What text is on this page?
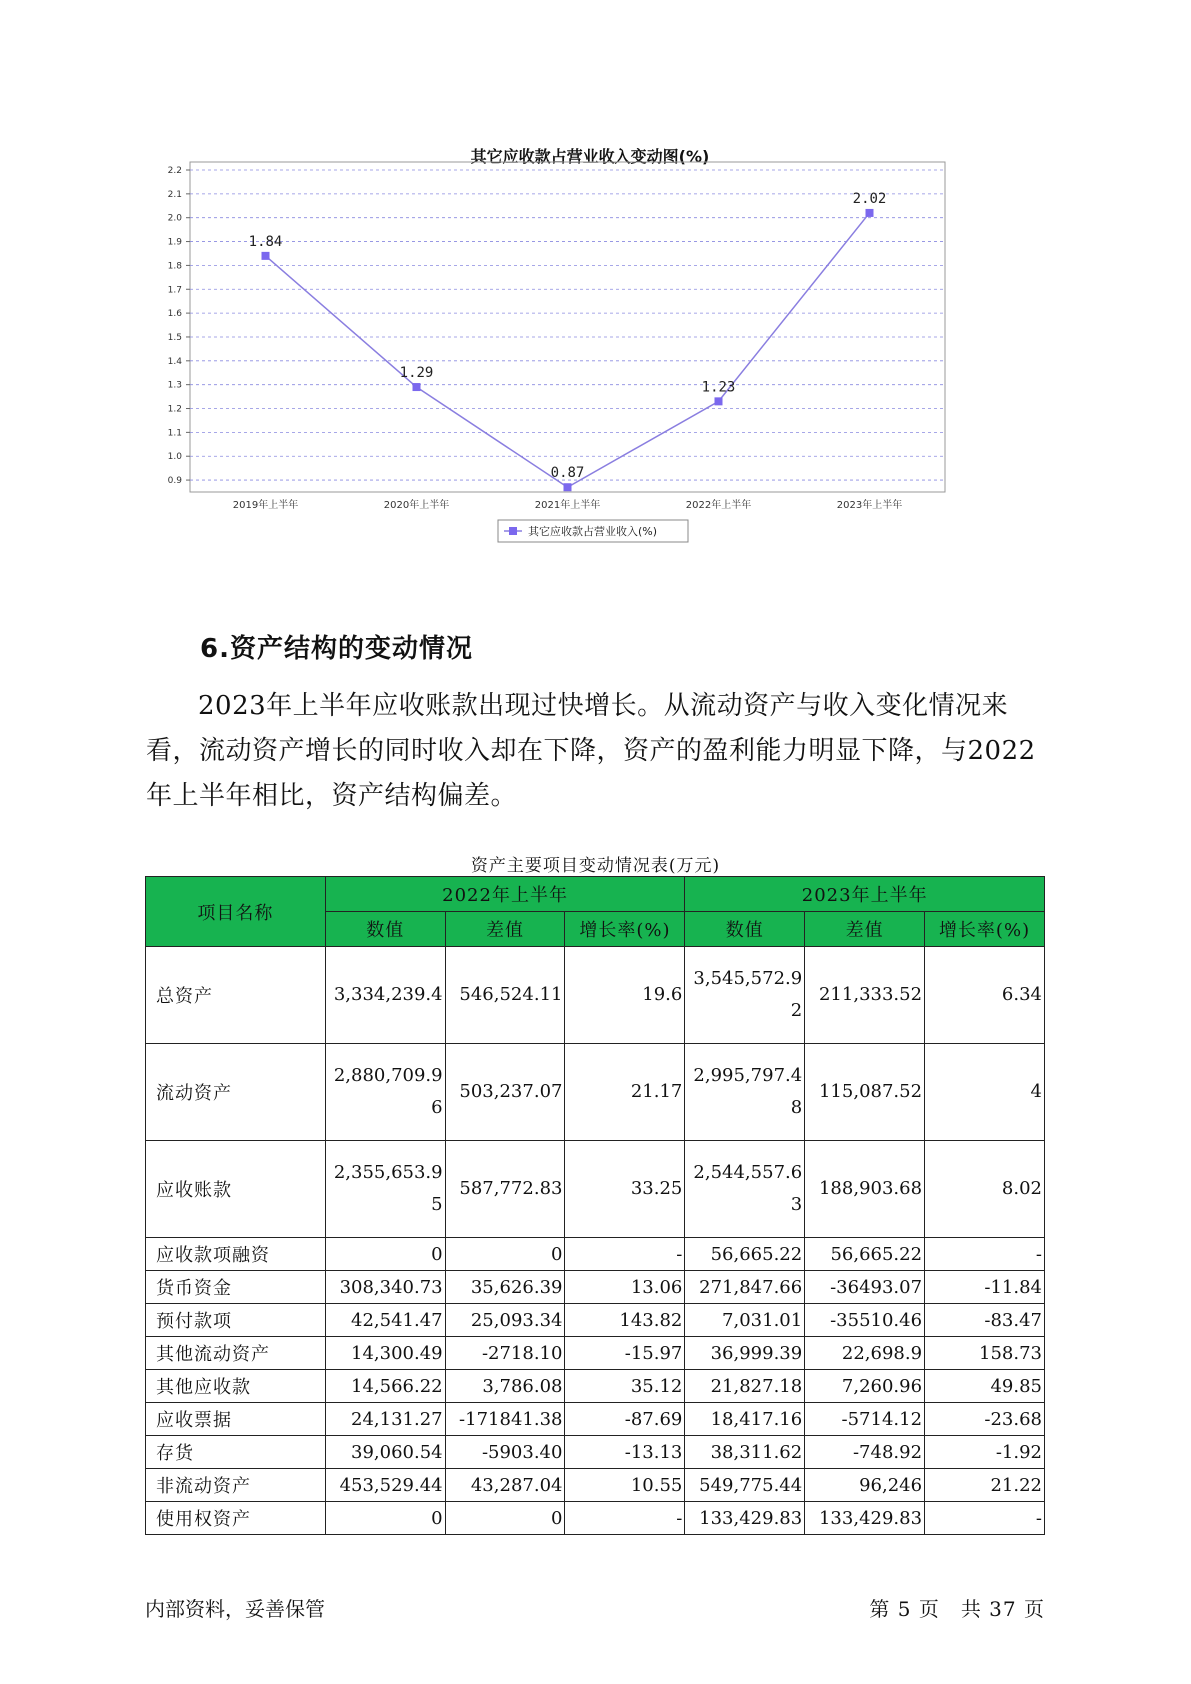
其它应收款占营业收入变动图(%)
0.9
1.0
1.1
1.2
1.3
1.4
1.5
1.6
1.7
1.8
1.9
2.0
2.1
2.2
2019年上半年	2020年上半年	2021年上半年	2022年上半年	2023年上半年
1.84
1.29
0.87
1.23
2.02
其它应收款占营业收入(%)
6.资产结构的变动情况
2023年上半年应收账款出现过快增长。从流动资产与收入变化情况来看，流动资产增长的同时收入却在下降，资产的盈利能力明显下降，与2022年上半年相比，资产结构偏差。
资产主要项目变动情况表(万元)
项目名称	2022年上半年			2023年上半年		
	数值	差值	增长率(%)	数值	差值	增长率(%)
总资产	3,334,239.4	546,524.11	19.6	3,545,572.92	211,333.52	6.34

流动资产	2,880,709.96	503,237.07	21.17	2,995,797.48	115,087.52	4

应收账款	2,355,653.95	587,772.83	33.25	2,544,557.63	188,903.68	8.02

应收款项融资	0	0	-	56,665.22	56,665.22	-
货币资金	308,340.73	35,626.39	13.06	271,847.66	-36493.07	-11.84
预付款项	42,541.47	25,093.34	143.82	7,031.01	-35510.46	-83.47
其他流动资产	14,300.49	-2718.10	-15.97	36,999.39	22,698.9	158.73
其他应收款	14,566.22	3,786.08	35.12	21,827.18	7,260.96	49.85
应收票据	24,131.27	-171841.38	-87.69	18,417.16	-5714.12	-23.68
存货	39,060.54	-5903.40	-13.13	38,311.62	-748.92	-1.92
非流动资产	453,529.44	43,287.04	10.55	549,775.44	96,246	21.22
使用权资产	0	0	-	133,429.83	133,429.83	-
内部资料，妥善保管	第 5 页　共 37 页
